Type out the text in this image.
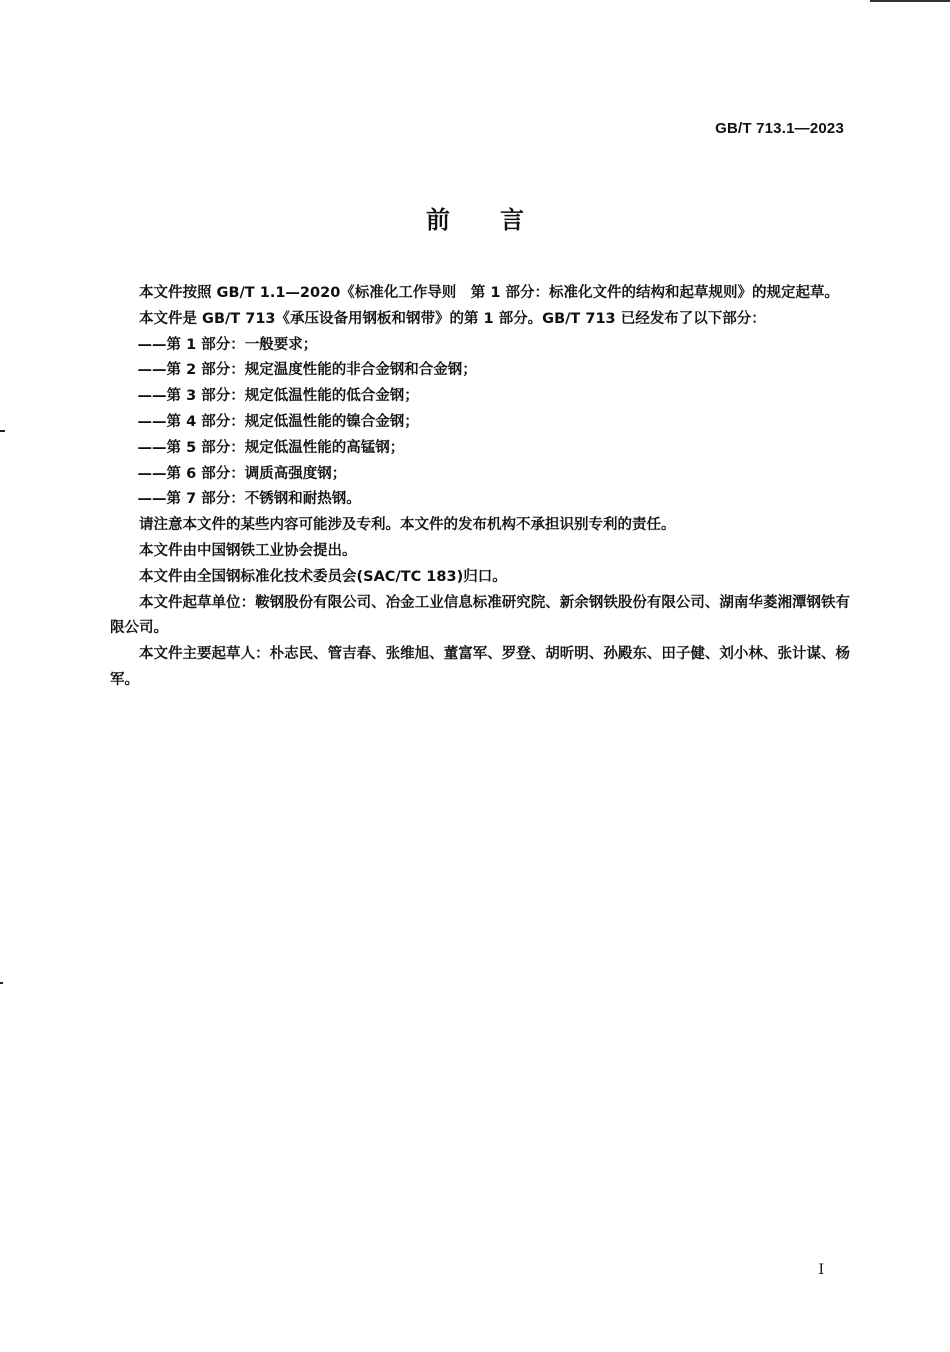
GB/T 713.1—2023
前 言

本文件按照 GB/T 1.1—2020《标准化工作导则　第 1 部分：标准化文件的结构和起草规则》的规定起草。

本文件是 GB/T 713《承压设备用钢板和钢带》的第 1 部分。GB/T 713 已经发布了以下部分：

——第 1 部分：一般要求；

——第 2 部分：规定温度性能的非合金钢和合金钢；

——第 3 部分：规定低温性能的低合金钢；

——第 4 部分：规定低温性能的镍合金钢；

——第 5 部分：规定低温性能的高锰钢；

——第 6 部分：调质高强度钢；

——第 7 部分：不锈钢和耐热钢。

请注意本文件的某些内容可能涉及专利。本文件的发布机构不承担识别专利的责任。

本文件由中国钢铁工业协会提出。

本文件由全国钢标准化技术委员会(SAC/TC 183)归口。

本文件起草单位：鞍钢股份有限公司、冶金工业信息标准研究院、新余钢铁股份有限公司、湖南华菱湘潭钢铁有限公司。

本文件主要起草人：朴志民、管吉春、张维旭、董富军、罗登、胡昕明、孙殿东、田子健、刘小林、张计谋、杨军。

I
